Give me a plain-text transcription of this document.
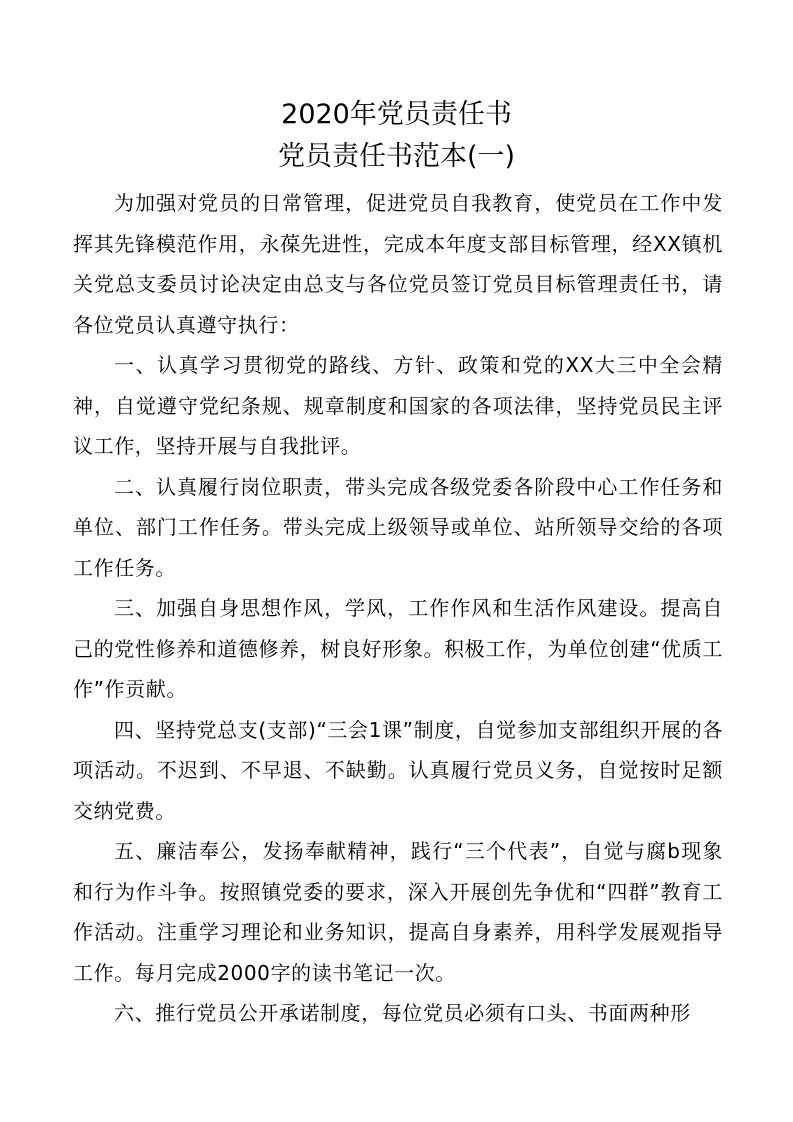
2020年党员责任书
党员责任书范本(一)

为加强对党员的日常管理，促进党员自我教育，使党员在工作中发挥其先锋模范作用，永葆先进性，完成本年度支部目标管理，经XX镇机关党总支委员讨论决定由总支与各位党员签订党员目标管理责任书，请各位党员认真遵守执行：

一、认真学习贯彻党的路线、方针、政策和党的XX大三中全会精神，自觉遵守党纪条规、规章制度和国家的各项法律，坚持党员民主评议工作，坚持开展与自我批评。

二、认真履行岗位职责，带头完成各级党委各阶段中心工作任务和单位、部门工作任务。带头完成上级领导或单位、站所领导交给的各项工作任务。

三、加强自身思想作风，学风，工作作风和生活作风建设。提高自己的党性修养和道德修养，树良好形象。积极工作，为单位创建“优质工作”作贡献。

四、坚持党总支(支部)“三会1课”制度，自觉参加支部组织开展的各项活动。不迟到、不早退、不缺勤。认真履行党员义务，自觉按时足额交纳党费。

五、廉洁奉公，发扬奉献精神，践行“三个代表”，自觉与腐b现象和行为作斗争。按照镇党委的要求，深入开展创先争优和“四群”教育工作活动。注重学习理论和业务知识，提高自身素养，用科学发展观指导工作。每月完成2000字的读书笔记一次。

六、推行党员公开承诺制度，每位党员必须有口头、书面两种形
